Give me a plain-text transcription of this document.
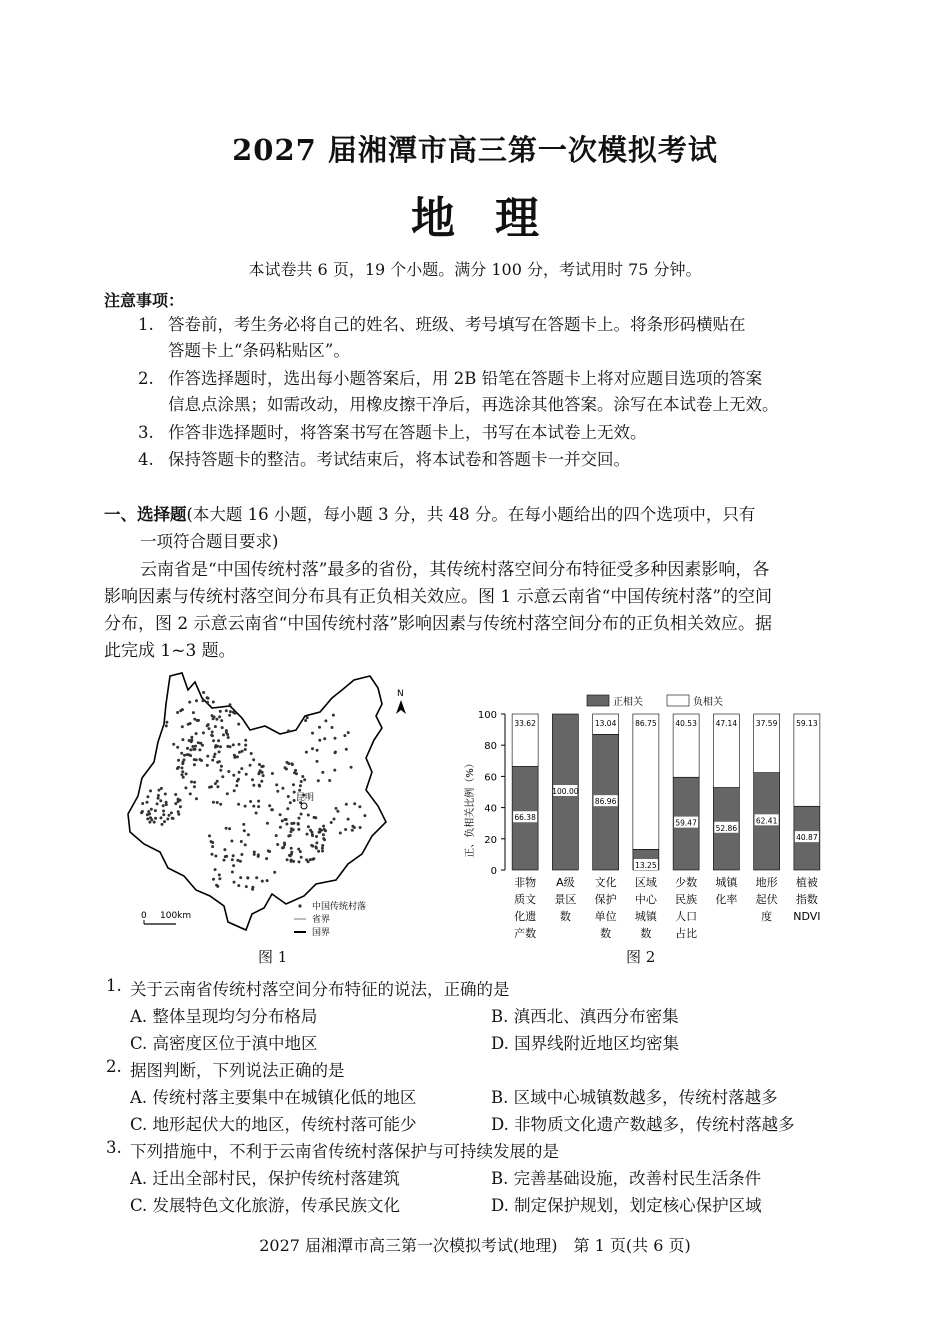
2027 届湘潭市高三第一次模拟考试
地理
本试卷共 6 页，19 个小题。满分 100 分，考试用时 75 分钟。
注意事项：
1. 答卷前，考生务必将自己的姓名、班级、考号填写在答题卡上。将条形码横贴在
答题卡上“条码粘贴区”。
2. 作答选择题时，选出每小题答案后，用 2B 铅笔在答题卡上将对应题目选项的答案
信息点涂黑；如需改动，用橡皮擦干净后，再选涂其他答案。涂写在本试卷上无效。
3. 作答非选择题时，将答案书写在答题卡上，书写在本试卷上无效。
4. 保持答题卡的整洁。考试结束后，将本试卷和答题卡一并交回。
一、选择题(本大题 16 小题，每小题 3 分，共 48 分。在每小题给出的四个选项中，只有
一项符合题目要求)
云南省是“中国传统村落”最多的省份，其传统村落空间分布特征受多种因素影响，各
影响因素与传统村落空间分布具有正负相关效应。图 1 示意云南省“中国传统村落”的空间
分布，图 2 示意云南省“中国传统村落”影响因素与传统村落空间分布的正负相关效应。据
此完成 1~3 题。
昆明
N
0 100km
中国传统村落
省界
国界
图 1
正相关	负相关
正、负相关比例（%）
0
20
40
60
80
100
66.38
33.62
非物
质文
化遗
产数
100.00
A级
景区
数
86.96
13.04
文化
保护
单位
数
13.25
86.75
区域
中心
城镇
数
59.47
40.53
少数
民族
人口
占比
52.86
47.14
城镇
化率
62.41
37.59
地形
起伏
度
40.87
59.13
植被
指数
NDVI
图 2
1. 关于云南省传统村落空间分布特征的说法，正确的是
A. 整体呈现均匀分布格局	B. 滇西北、滇西分布密集
C. 高密度区位于滇中地区	D. 国界线附近地区均密集
2. 据图判断，下列说法正确的是
A. 传统村落主要集中在城镇化低的地区	B. 区域中心城镇数越多，传统村落越多
C. 地形起伏大的地区，传统村落可能少	D. 非物质文化遗产数越多，传统村落越多
3. 下列措施中，不利于云南省传统村落保护与可持续发展的是
A. 迁出全部村民，保护传统村落建筑	B. 完善基础设施，改善村民生活条件
C. 发展特色文化旅游，传承民族文化	D. 制定保护规划，划定核心保护区域
2027 届湘潭市高三第一次模拟考试(地理)　第 1 页(共 6 页)
